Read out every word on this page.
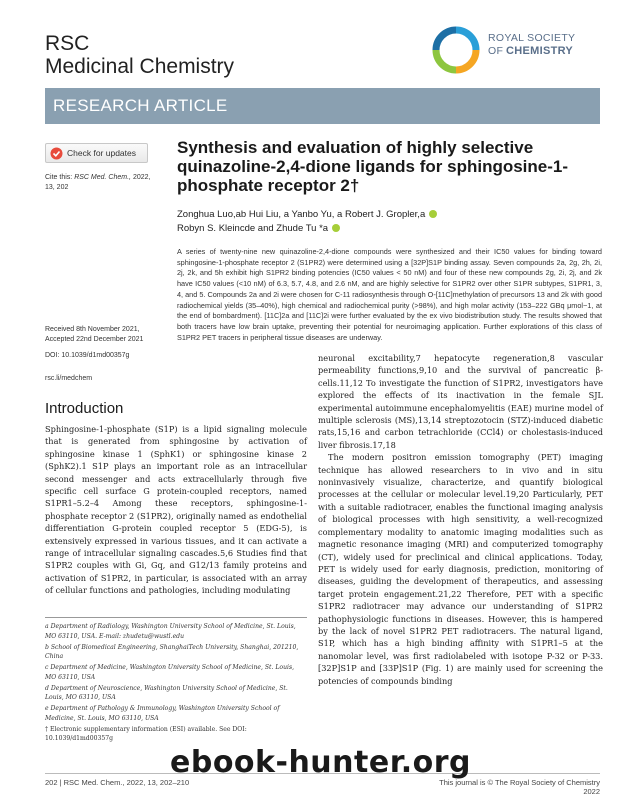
RSC
Medicinal Chemistry
ROYAL SOCIETY
OF CHEMISTRY
RESEARCH ARTICLE
Check for updates
Cite this: RSC Med. Chem., 2022, 13, 202
Synthesis and evaluation of highly selective quinazoline-2,4-dione ligands for sphingosine-1-phosphate receptor 2†
Zonghua Luo,ab Hui Liu, a Yanbo Yu, a Robert J. Gropler,a
Robyn S. Kleincde and Zhude Tu *a
A series of twenty-nine new quinazoline-2,4-dione compounds were synthesized and their IC50 values for binding toward sphingosine-1-phosphate receptor 2 (S1PR2) were determined using a [32P]S1P binding assay. Seven compounds 2a, 2g, 2h, 2i, 2j, 2k, and 5h exhibit high S1PR2 binding potencies (IC50 values < 50 nM) and four of these new compounds 2g, 2i, 2j, and 2k have IC50 values (<10 nM) of 6.3, 5.7, 4.8, and 2.6 nM, and are highly selective for S1PR2 over other S1PR subtypes, S1PR1, 3, 4, and 5. Compounds 2a and 2i were chosen for C-11 radiosynthesis through O-[11C]methylation of precursors 13 and 2k with good radiochemical yields (35–40%), high chemical and radiochemical purity (>98%), and high molar activity (153–222 GBq μmol−1, at the end of bombardment). [11C]2a and [11C]2i were further evaluated by the ex vivo biodistribution study. The results showed that both tracers have low brain uptake, preventing their potential for neuroimaging application. Further explorations of this class of S1PR2 PET tracers in peripheral tissue diseases are underway.
Received 8th November 2021,
Accepted 22nd December 2021
DOI: 10.1039/d1md00357g
rsc.li/medchem
Introduction

Sphingosine-1-phosphate (S1P) is a lipid signaling molecule that is generated from sphingosine by activation of sphingosine kinase 1 (SphK1) or sphingosine kinase 2 (SphK2).1 S1P plays an important role as an intracellular second messenger and acts extracellularly through five specific cell surface G protein-coupled receptors, named S1PR1–5.2–4 Among these receptors, sphingosine-1-phosphate receptor 2 (S1PR2), originally named as endothelial differentiation G-protein coupled receptor 5 (EDG-5), is extensively expressed in various tissues, and it can activate a range of intracellular signaling cascades.5,6 Studies find that S1PR2 couples with Gi, Gq, and G12/13 family proteins and activation of S1PR2, in particular, is associated with an array of cellular functions and pathologies, including modulating

neuronal excitability,7 hepatocyte regeneration,8 vascular permeability functions,9,10 and the survival of pancreatic β-cells.11,12 To investigate the function of S1PR2, investigators have explored the effects of its inactivation in the female SJL experimental autoimmune encephalomyelitis (EAE) murine model of multiple sclerosis (MS),13,14 streptozotocin (STZ)-induced diabetic rats,15,16 and carbon tetrachloride (CCl4) or cholestasis-induced liver fibrosis.17,18

The modern positron emission tomography (PET) imaging technique has allowed researchers to in vivo and in situ noninvasively visualize, characterize, and quantify biological processes at the cellular or molecular level.19,20 Particularly, PET with a suitable radiotracer, enables the functional imaging analysis of biological processes with high sensitivity, a well-recognized complementary modality to anatomic imaging modalities such as magnetic resonance imaging (MRI) and computerized tomography (CT), widely used for preclinical and clinical applications. Today, PET is widely used for early diagnosis, prediction, monitoring of diseases, guiding the development of therapeutics, and assessing target protein engagement.21,22 Therefore, PET with a specific S1PR2 radiotracer may advance our understanding of S1PR2 pathophysiologic functions in diseases. However, this is hampered by the lack of novel S1PR2 PET radiotracers. The natural ligand, S1P, which has a high binding affinity with S1PR1–5 at the nanomolar level, was first radiolabeled with isotope P-32 or P-33. [32P]S1P and [33P]S1P (Fig. 1) are mainly used for screening the potencies of compounds binding

a Department of Radiology, Washington University School of Medicine, St. Louis, MO 63110, USA. E-mail: zhudetu@wustl.edu
b School of Biomedical Engineering, ShanghaiTech University, Shanghai, 201210, China
c Department of Medicine, Washington University School of Medicine, St. Louis, MO 63110, USA
d Department of Neuroscience, Washington University School of Medicine, St. Louis, MO 63110, USA
e Department of Pathology & Immunology, Washington University School of Medicine, St. Louis, MO 63110, USA
† Electronic supplementary information (ESI) available. See DOI: 10.1039/d1md00357g
202 | RSC Med. Chem., 2022, 13, 202–210	This journal is © The Royal Society of Chemistry 2022
ebook-hunter.org
